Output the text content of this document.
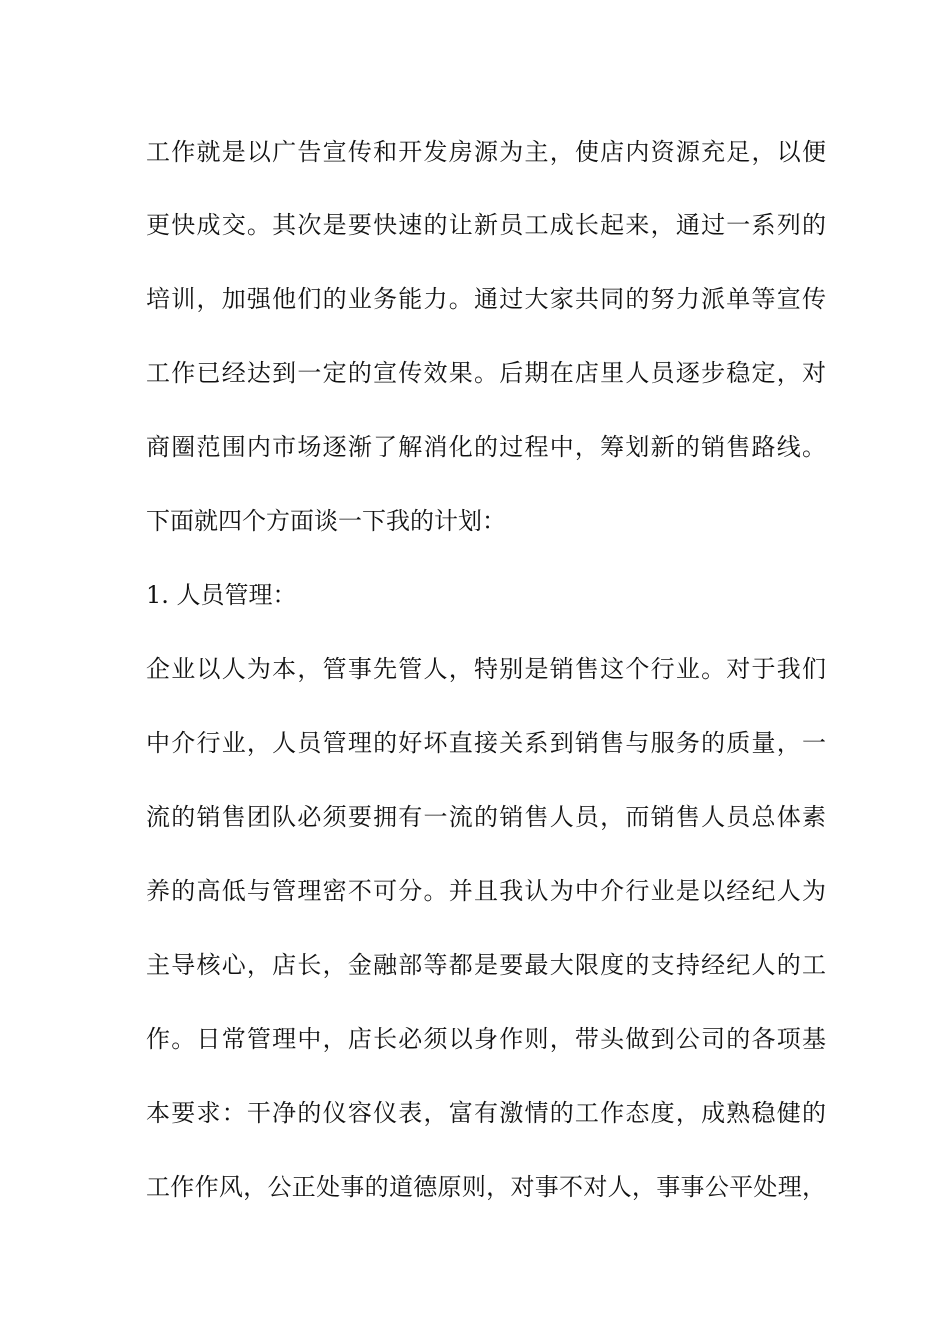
工作就是以广告宣传和开发房源为主，使店内资源充足，以便
更快成交。其次是要快速的让新员工成长起来，通过一系列的
培训，加强他们的业务能力。通过大家共同的努力派单等宣传
工作已经达到一定的宣传效果。后期在店里人员逐步稳定，对
商圈范围内市场逐渐了解消化的过程中，筹划新的销售路线。
下面就四个方面谈一下我的计划：
1. 人员管理：
企业以人为本，管事先管人，特别是销售这个行业。对于我们
中介行业，人员管理的好坏直接关系到销售与服务的质量，一
流的销售团队必须要拥有一流的销售人员，而销售人员总体素
养的高低与管理密不可分。并且我认为中介行业是以经纪人为
主导核心，店长，金融部等都是要最大限度的支持经纪人的工
作。日常管理中，店长必须以身作则，带头做到公司的各项基
本要求：干净的仪容仪表，富有激情的工作态度，成熟稳健的
工作作风，公正处事的道德原则，对事不对人，事事公平处理，
